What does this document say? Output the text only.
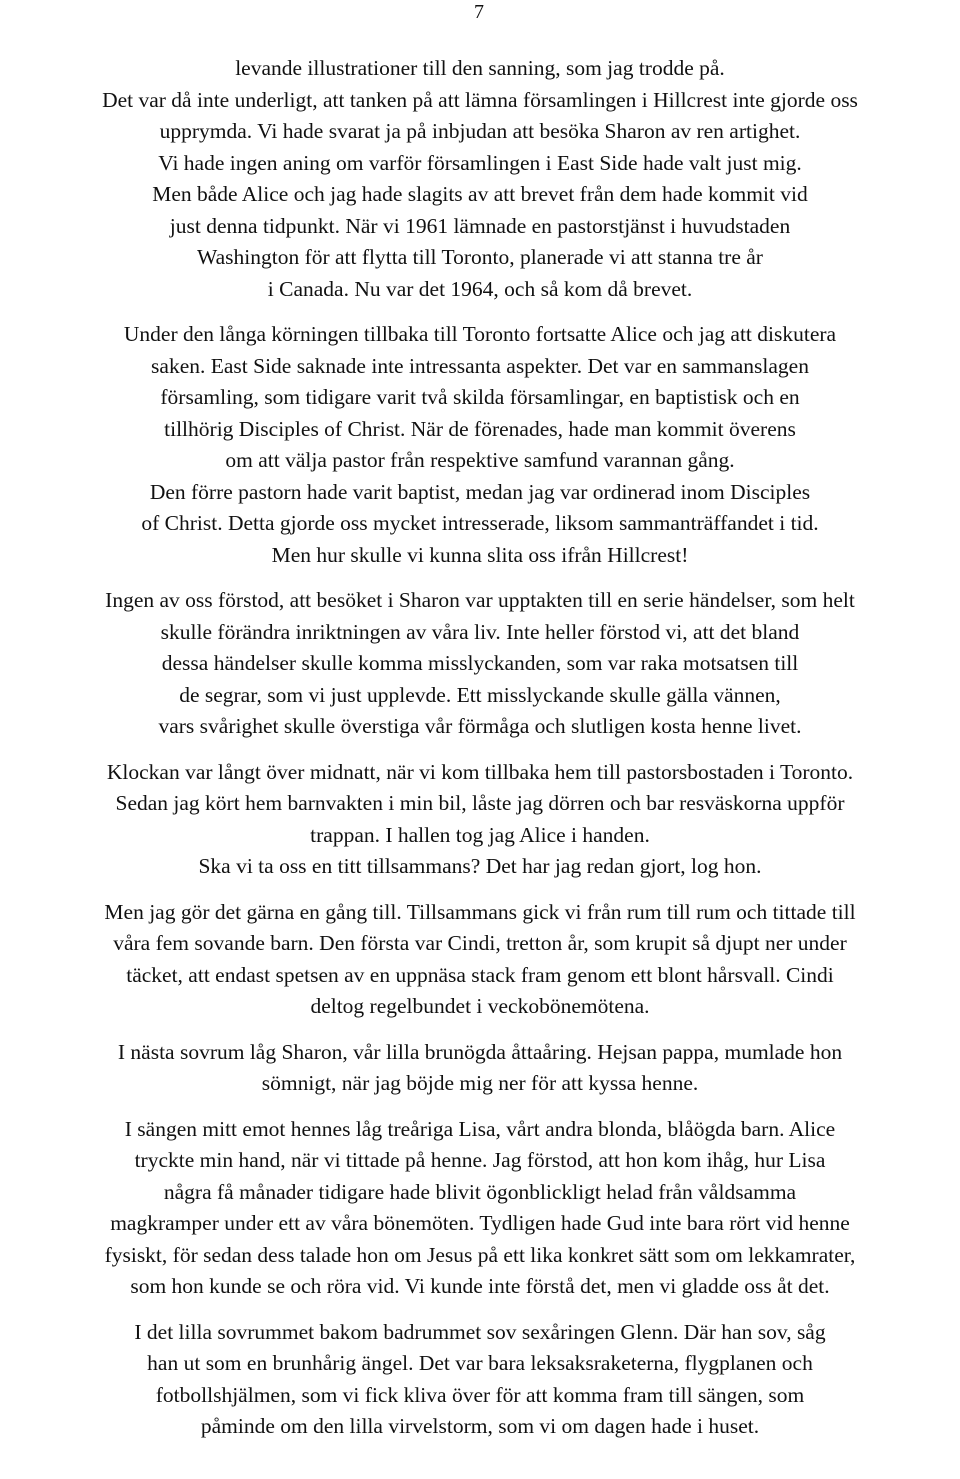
7
levande illustrationer till den sanning, som jag trodde på.
Det var då inte underligt, att tanken på att lämna församlingen i Hillcrest inte gjorde oss
upprymda. Vi hade svarat ja på inbjudan att besöka Sharon av ren artighet.
Vi hade ingen aning om varför församlingen i East Side hade valt just mig.
Men både Alice och jag hade slagits av att brevet från dem hade kommit vid
just denna tidpunkt. När vi 1961 lämnade en pastorstjänst i huvudstaden
Washington för att flytta till Toronto, planerade vi att stanna tre år
i Canada. Nu var det 1964, och så kom då brevet.
Under den långa körningen tillbaka till Toronto fortsatte Alice och jag att diskutera
saken. East Side saknade inte intressanta aspekter. Det var en sammanslagen
församling, som tidigare varit två skilda församlingar, en baptistisk och en
tillhörig Disciples of Christ. När de förenades, hade man kommit överens
om att välja pastor från respektive samfund varannan gång.
Den förre pastorn hade varit baptist, medan jag var ordinerad inom Disciples
of Christ. Detta gjorde oss mycket intresserade, liksom sammanträffandet i tid.
Men hur skulle vi kunna slita oss ifrån Hillcrest!
Ingen av oss förstod, att besöket i Sharon var upptakten till en serie händelser, som helt
skulle förändra inriktningen av våra liv. Inte heller förstod vi, att det bland
dessa händelser skulle komma misslyckanden, som var raka motsatsen till
de segrar, som vi just upplevde. Ett misslyckande skulle gälla vännen,
vars svårighet skulle överstiga vår förmåga och slutligen kosta henne livet.
Klockan var långt över midnatt, när vi kom tillbaka hem till pastorsbostaden i Toronto.
Sedan jag kört hem barnvakten i min bil, låste jag dörren och bar resväskorna uppför
trappan. I hallen tog jag Alice i handen.
Ska vi ta oss en titt tillsammans? Det har jag redan gjort, log hon.
Men jag gör det gärna en gång till. Tillsammans gick vi från rum till rum och tittade till
våra fem sovande barn. Den första var Cindi, tretton år, som krupit så djupt ner under
täcket, att endast spetsen av en uppnäsa stack fram genom ett blont hårsvall. Cindi
deltog regelbundet i veckobönemötena.
I nästa sovrum låg Sharon, vår lilla brunögda åttaåring. Hejsan pappa, mumlade hon
sömnigt, när jag böjde mig ner för att kyssa henne.
I sängen mitt emot hennes låg treåriga Lisa, vårt andra blonda, blåögda barn. Alice
tryckte min hand, när vi tittade på henne. Jag förstod, att hon kom ihåg, hur Lisa
några få månader tidigare hade blivit ögonblickligt helad från våldsamma
magkramper under ett av våra bönemöten. Tydligen hade Gud inte bara rört vid henne
fysiskt, för sedan dess talade hon om Jesus på ett lika konkret sätt som om lekkamrater,
som hon kunde se och röra vid. Vi kunde inte förstå det, men vi gladde oss åt det.
I det lilla sovrummet bakom badrummet sov sexåringen Glenn. Där han sov, såg
han ut som en brunhårig ängel. Det var bara leksaksraketerna, flygplanen och
fotbollshjälmen, som vi fick kliva över för att komma fram till sängen, som
påminde om den lilla virvelstorm, som vi om dagen hade i huset.
